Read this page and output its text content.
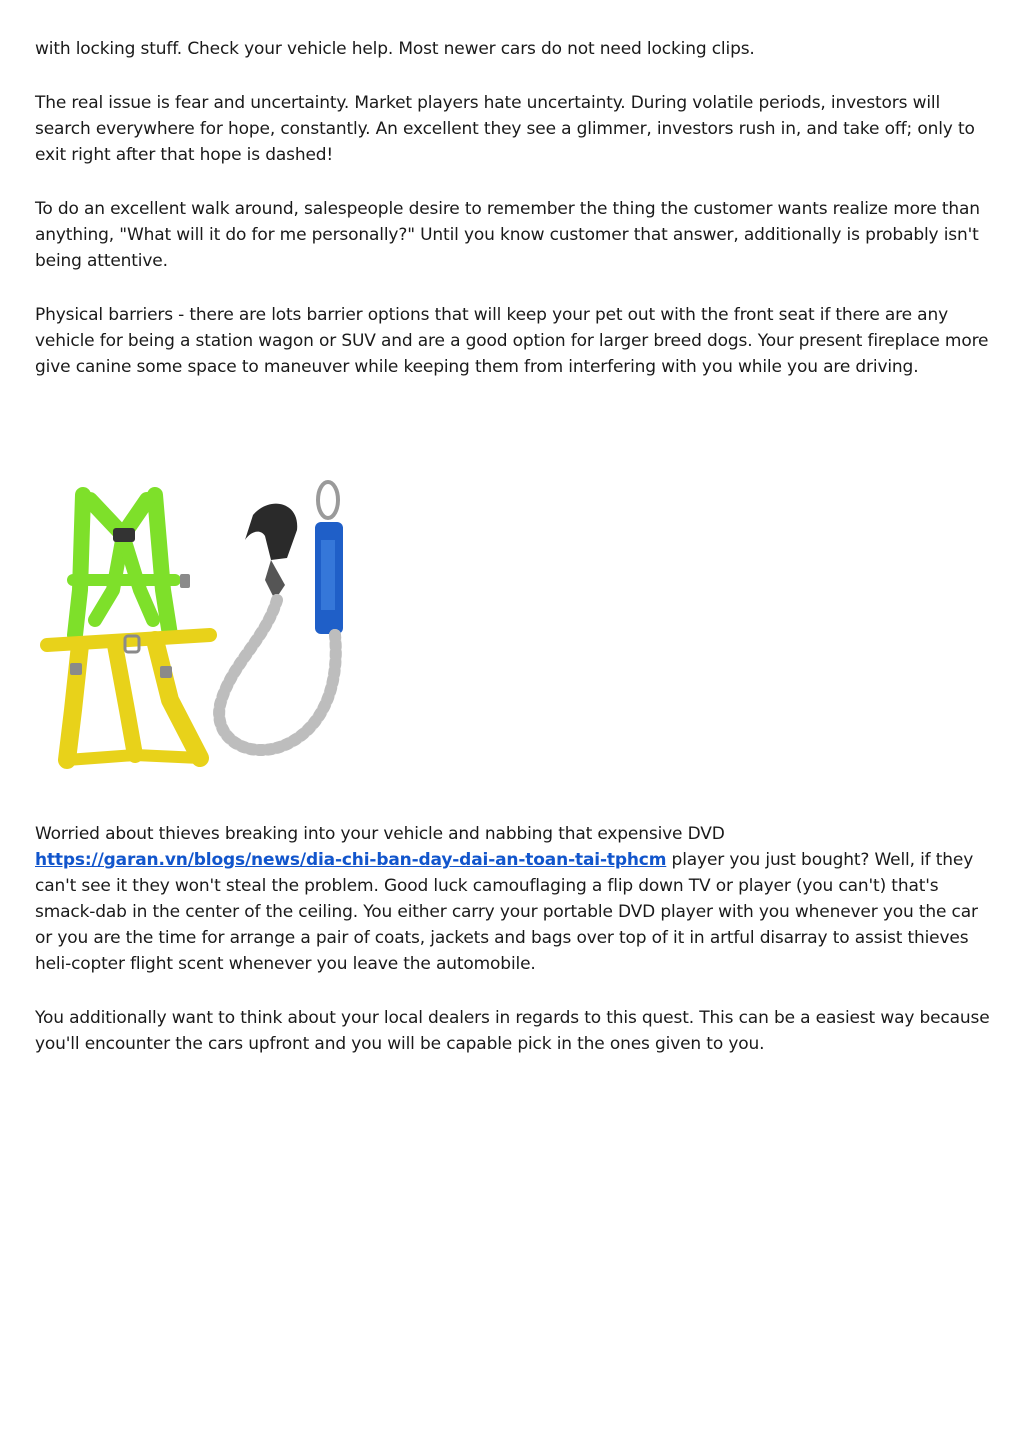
with locking stuff. Check your vehicle help. Most newer cars do not need locking clips.

The real issue is fear and uncertainty. Market players hate uncertainty. During volatile periods, investors will search everywhere for hope, constantly. An excellent they see a glimmer, investors rush in, and take off; only to exit right after that hope is dashed!

To do an excellent walk around, salespeople desire to remember the thing the customer wants realize more than anything, "What will it do for me personally?" Until you know customer that answer, additionally is probably isn't being attentive.

Physical barriers - there are lots barrier options that will keep your pet out with the front seat if there are any vehicle for being a station wagon or SUV and are a good option for larger breed dogs. Your present fireplace more give canine some space to maneuver while keeping them from interfering with you while you are driving.

Worried about thieves breaking into your vehicle and nabbing that expensive DVD https://garan.vn/blogs/news/dia-chi-ban-day-dai-an-toan-tai-tphcm player you just bought? Well, if they can't see it they won't steal the problem. Good luck camouflaging a flip down TV or player (you can't) that's smack-dab in the center of the ceiling. You either carry your portable DVD player with you whenever you the car or you are the time for arrange a pair of coats, jackets and bags over top of it in artful disarray to assist thieves heli-copter flight scent whenever you leave the automobile.

You additionally want to think about your local dealers in regards to this quest. This can be a easiest way because you'll encounter the cars upfront and you will be capable pick in the ones given to you.
